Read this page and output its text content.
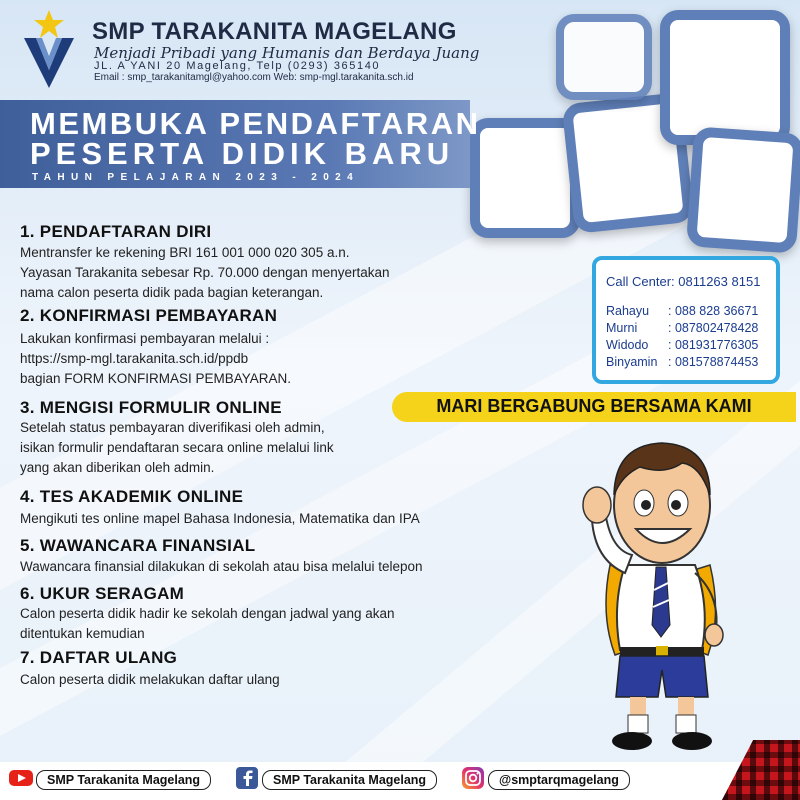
SMP TARAKANITA MAGELANG
Menjadi Pribadi yang Humanis dan Berdaya Juang
JL. A YANI 20 Magelang, Telp (0293) 365140
Email : smp_tarakanitamgl@yahoo.com Web: smp-mgl.tarakanita.sch.id
MEMBUKA PENDAFTARAN
PESERTA DIDIK BARU
TAHUN PELAJARAN 2023 - 2024
1. PENDAFTARAN DIRI
Mentransfer ke rekening BRI 161 001 000 020 305 a.n.
Yayasan Tarakanita sebesar Rp. 70.000 dengan menyertakan
nama calon peserta didik pada bagian keterangan.
2. KONFIRMASI PEMBAYARAN
Lakukan konfirmasi pembayaran melalui :
https://smp-mgl.tarakanita.sch.id/ppdb
bagian FORM KONFIRMASI PEMBAYARAN.
3. MENGISI FORMULIR ONLINE
Setelah status pembayaran diverifikasi oleh admin,
isikan formulir pendaftaran secara online melalui link
yang akan diberikan oleh admin.
4. TES AKADEMIK ONLINE
Mengikuti tes online mapel Bahasa Indonesia, Matematika dan IPA
5. WAWANCARA FINANSIAL
Wawancara finansial dilakukan di sekolah atau bisa melalui telepon
6. UKUR SERAGAM
Calon peserta didik hadir ke sekolah dengan jadwal yang akan
ditentukan kemudian
7. DAFTAR ULANG
Calon peserta didik melakukan daftar ulang
Call Center: 0811263 8151
Rahayu : 088 828 36671
Murni : 087802478428
Widodo : 081931776305
Binyamin : 081578874453
MARI BERGABUNG BERSAMA KAMI
SMP Tarakanita Magelang	SMP Tarakanita Magelang	@smptarqmagelang
